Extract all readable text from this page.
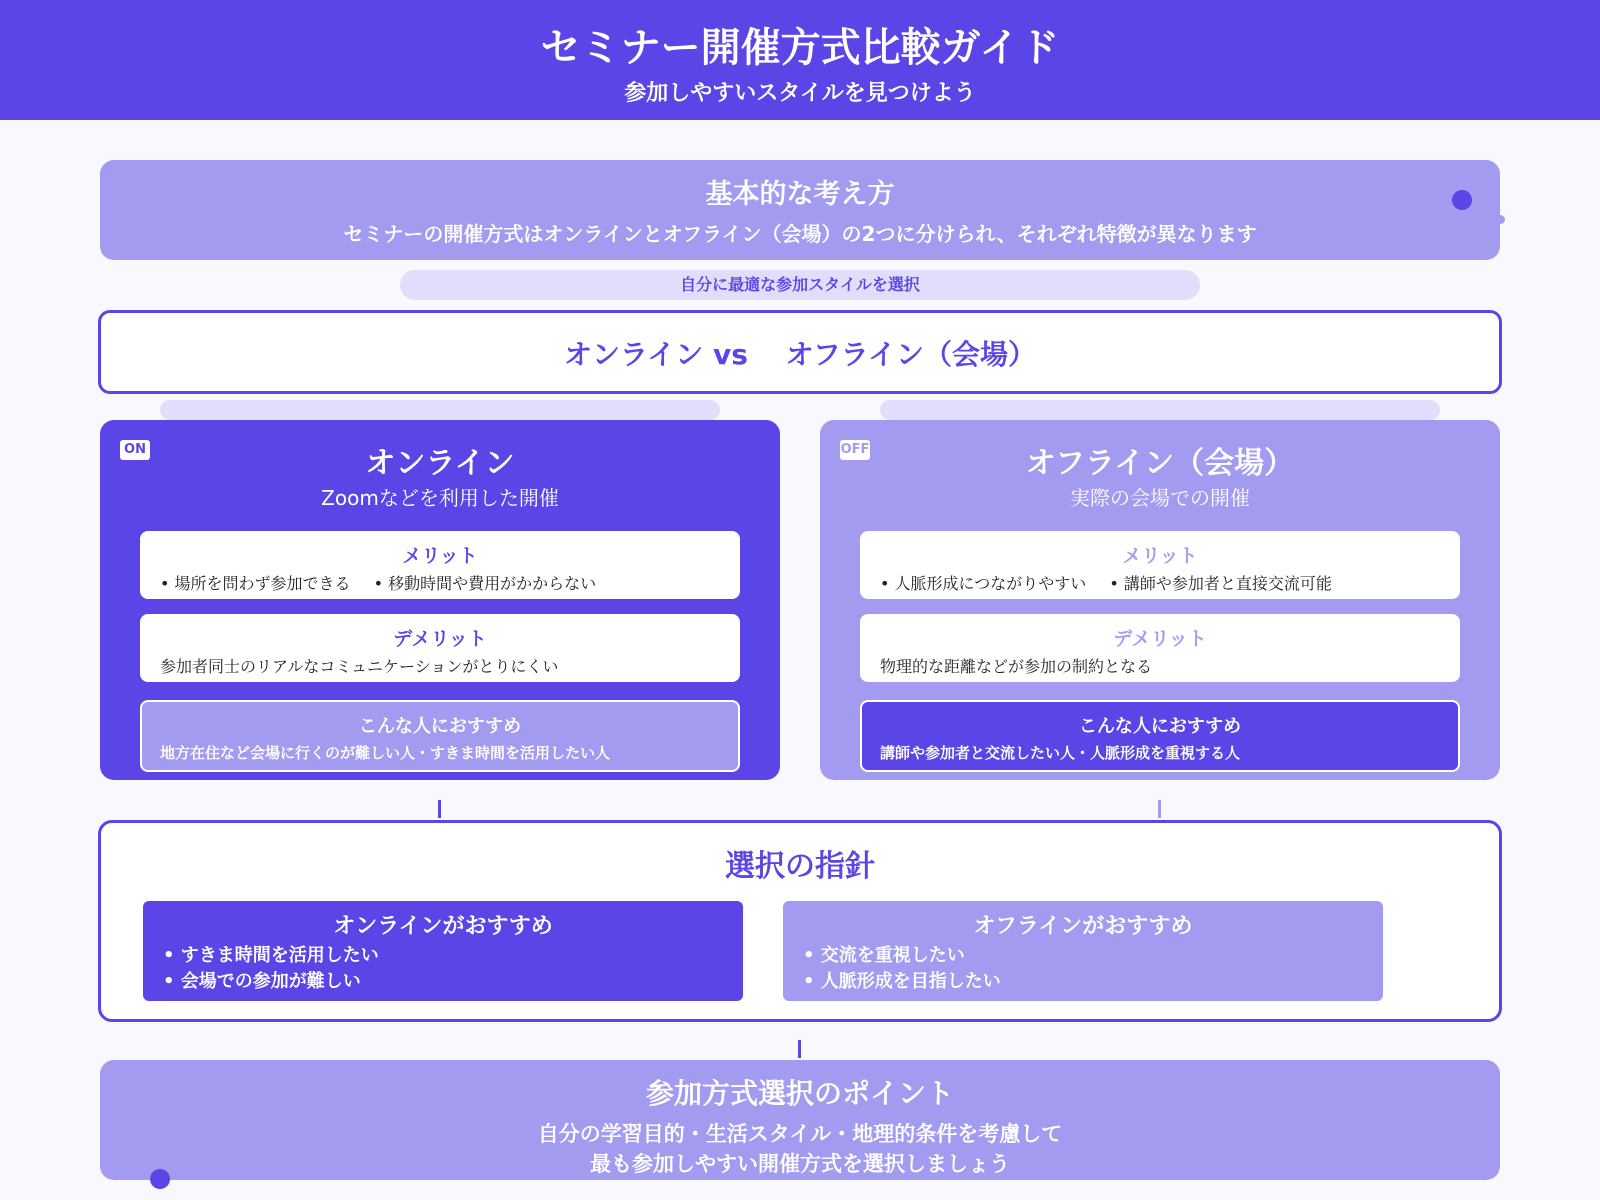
セミナー開催方式比較ガイド
参加しやすいスタイルを見つけよう
基本的な考え方
セミナーの開催方式はオンラインとオフライン（会場）の2つに分けられ、それぞれ特徴が異なります
自分に最適な参加スタイルを選択
オンライン vs　 オフライン（会場）
ON	オンライン
Zoomなどを利用した開催
メリット
• 場所を問わず参加できる • 移動時間や費用がかからない
デメリット
参加者同士のリアルなコミュニケーションがとりにくい
こんな人におすすめ
地方在住など会場に行くのが難しい人・すきま時間を活用したい人
OFF	オフライン（会場）
実際の会場での開催
メリット
• 人脈形成につながりやすい • 講師や参加者と直接交流可能
デメリット
物理的な距離などが参加の制約となる
こんな人におすすめ
講師や参加者と交流したい人・人脈形成を重視する人
選択の指針
オンラインがおすすめ
• すきま時間を活用したい
• 会場での参加が難しい
オフラインがおすすめ
• 交流を重視したい
• 人脈形成を目指したい
参加方式選択のポイント
自分の学習目的・生活スタイル・地理的条件を考慮して
最も参加しやすい開催方式を選択しましょう
